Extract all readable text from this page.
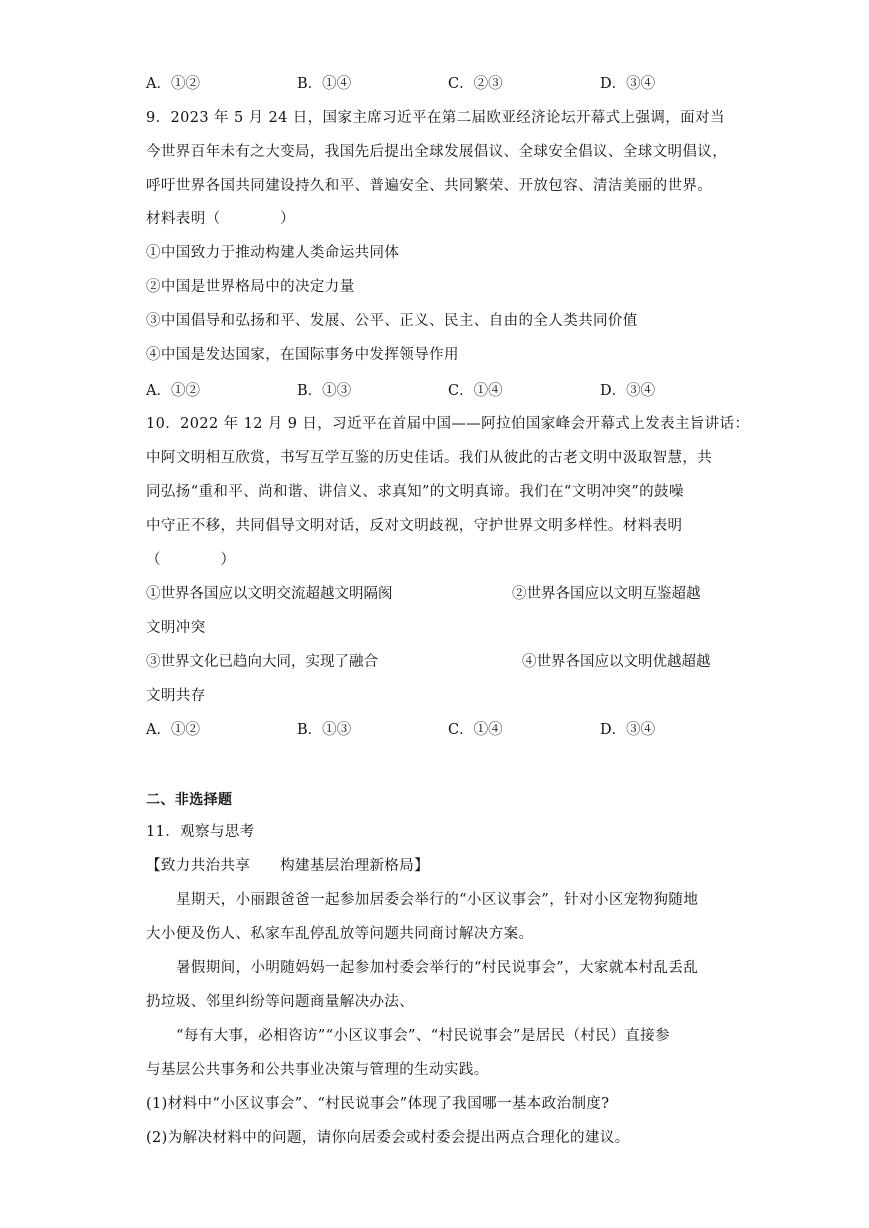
A．①②	B．①④	C．②③	D．③④
9．2023 年 5 月 24 日，国家主席习近平在第二届欧亚经济论坛开幕式上强调，面对当
今世界百年未有之大变局，我国先后提出全球发展倡议、全球安全倡议、全球文明倡议，
呼吁世界各国共同建设持久和平、普遍安全、共同繁荣、开放包容、清洁美丽的世界。
材料表明（　　　　）
①中国致力于推动构建人类命运共同体
②中国是世界格局中的决定力量
③中国倡导和弘扬和平、发展、公平、正义、民主、自由的全人类共同价值
④中国是发达国家，在国际事务中发挥领导作用
A．①②	B．①③	C．①④	D．③④
10．2022 年 12 月 9 日，习近平在首届中国——阿拉伯国家峰会开幕式上发表主旨讲话：
中阿文明相互欣赏，书写互学互鉴的历史佳话。我们从彼此的古老文明中汲取智慧，共
同弘扬“重和平、尚和谐、讲信义、求真知”的文明真谛。我们在“文明冲突”的鼓噪
中守正不移，共同倡导文明对话，反对文明歧视，守护世界文明多样性。材料表明
（　　　　）
①世界各国应以文明交流超越文明隔阂	②世界各国应以文明互鉴超越
文明冲突
③世界文化已趋向大同，实现了融合	④世界各国应以文明优越超越
文明共存
A．①②	B．①③	C．①④	D．③④
二、非选择题
11．观察与思考
【致力共治共享　　构建基层治理新格局】
星期天，小丽跟爸爸一起参加居委会举行的“小区议事会”，针对小区宠物狗随地
大小便及伤人、私家车乱停乱放等问题共同商讨解决方案。
暑假期间，小明随妈妈一起参加村委会举行的“村民说事会”，大家就本村乱丢乱
扔垃圾、邻里纠纷等问题商量解决办法、
“每有大事，必相咨访”“小区议事会”、“村民说事会”是居民（村民）直接参
与基层公共事务和公共事业决策与管理的生动实践。
(1)材料中“小区议事会”、“村民说事会”体现了我国哪一基本政治制度?
(2)为解决材料中的问题，请你向居委会或村委会提出两点合理化的建议。
